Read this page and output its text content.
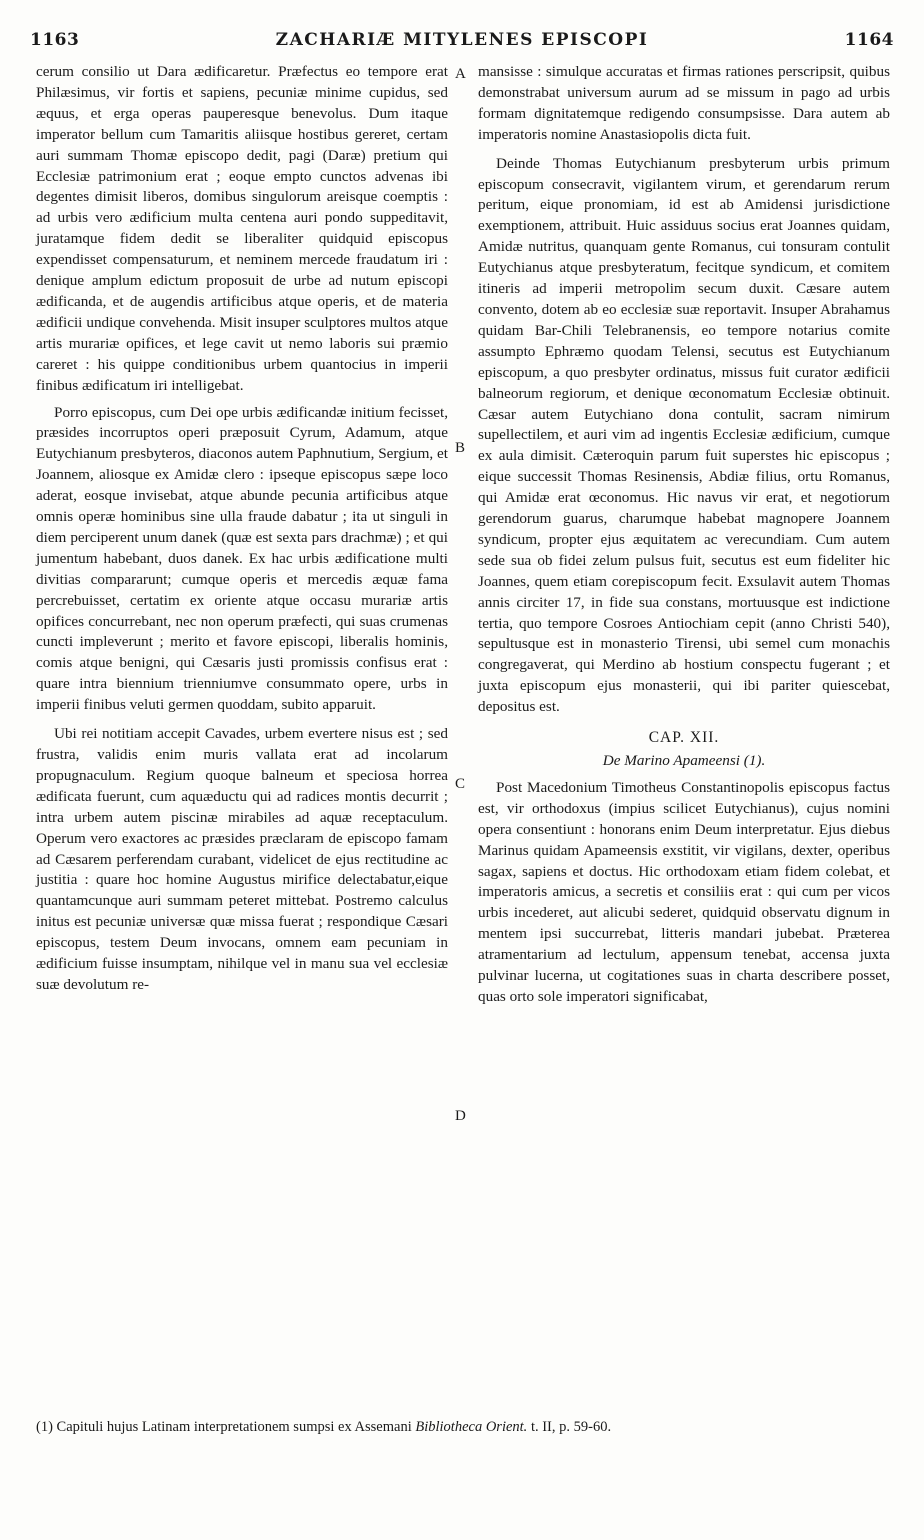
1163	ZACHARIÆ MITYLENES EPISCOPI	1164
A
B
C
D

cerum consilio ut Dara ædificaretur. Præfectus eo tempore erat Philæsimus, vir fortis et sapiens, pecuniæ minime cupidus, sed æquus, et erga operas pauperesque benevolus. Dum itaque imperator bellum cum Tamaritis aliisque hostibus gereret, certam auri summam Thomæ episcopo dedit, pagi (Daræ) pretium qui Ecclesiæ patrimonium erat ; eoque empto cunctos advenas ibi degentes dimisit liberos, domibus singulorum areisque coemptis : ad urbis vero ædificium multa centena auri pondo suppeditavit, juratamque fidem dedit se liberaliter quidquid episcopus expendisset compensaturum, et neminem mercede fraudatum iri : denique amplum edictum proposuit de urbe ad nutum episcopi ædificanda, et de augendis artificibus atque operis, et de materia ædificii undique convehenda. Misit insuper sculptores multos atque artis murariæ opifices, et lege cavit ut nemo laboris sui præmio careret : his quippe conditionibus urbem quantocius in imperii finibus ædificatum iri intelligebat.

Porro episcopus, cum Dei ope urbis ædificandæ initium fecisset, præsides incorruptos operi præposuit Cyrum, Adamum, atque Eutychianum presbyteros, diaconos autem Paphnutium, Sergium, et Joannem, aliosque ex Amidæ clero : ipseque episcopus sæpe loco aderat, eosque invisebat, atque abunde pecunia artificibus atque omnis operæ hominibus sine ulla fraude dabatur ; ita ut singuli in diem perciperent unum danek (quæ est sexta pars drachmæ) ; et qui jumentum habebant, duos danek. Ex hac urbis ædificatione multi divitias compararunt; cumque operis et mercedis æquæ fama percrebuisset, certatim ex oriente atque occasu murariæ artis opifices concurrebant, nec non operum præfecti, qui suas crumenas cuncti impleverunt ; merito et favore episcopi, liberalis hominis, comis atque benigni, qui Cæsaris justi promissis confisus erat : quare intra biennium trienniumve consummato opere, urbs in imperii finibus veluti germen quoddam, subito apparuit.

Ubi rei notitiam accepit Cavades, urbem evertere nisus est ; sed frustra, validis enim muris vallata erat ad incolarum propugnaculum. Regium quoque balneum et speciosa horrea ædificata fuerunt, cum aquæductu qui ad radices montis decurrit ; intra urbem autem piscinæ mirabiles ad aquæ receptaculum. Operum vero exactores ac præsides præclaram de episcopo famam ad Cæsarem perferendam curabant, videlicet de ejus rectitudine ac justitia : quare hoc homine Augustus mirifice delectabatur,eique quantamcunque auri summam peteret mittebat. Postremo calculus initus est pecuniæ universæ quæ missa fuerat ; respondique Cæsari episcopus, testem Deum invocans, omnem eam pecuniam in ædificium fuisse insumptam, nihilque vel in manu sua vel ecclesiæ suæ devolutum re-

mansisse : simulque accuratas et firmas rationes perscripsit, quibus demonstrabat universum aurum ad se missum in pago ad urbis formam dignitatemque redigendo consumpsisse. Dara autem ab imperatoris nomine Anastasiopolis dicta fuit.

Deinde Thomas Eutychianum presbyterum urbis primum episcopum consecravit, vigilantem virum, et gerendarum rerum peritum, eique pronomiam, id est ab Amidensi jurisdictione exemptionem, attribuit. Huic assiduus socius erat Joannes quidam, Amidæ nutritus, quanquam gente Romanus, cui tonsuram contulit Eutychianus atque presbyteratum, fecitque syndicum, et comitem itineris ad imperii metropolim secum duxit. Cæsare autem convento, dotem ab eo ecclesiæ suæ reportavit. Insuper Abrahamus quidam Bar-Chili Telebranensis, eo tempore notarius comite assumpto Ephræmo quodam Telensi, secutus est Eutychianum episcopum, a quo presbyter ordinatus, missus fuit curator ædificii balneorum regiorum, et denique œconomatum Ecclesiæ obtinuit. Cæsar autem Eutychiano dona contulit, sacram nimirum supellectilem, et auri vim ad ingentis Ecclesiæ ædificium, cumque ex aula dimisit. Cæteroquin parum fuit superstes hic episcopus ; eique successit Thomas Resinensis, Abdiæ filius, ortu Romanus, qui Amidæ erat œconomus. Hic navus vir erat, et negotiorum gerendorum guarus, charumque habebat magnopere Joannem syndicum, propter ejus æquitatem ac verecundiam. Cum autem sede sua ob fidei zelum pulsus fuit, secutus est eum fideliter hic Joannes, quem etiam corepiscopum fecit. Exsulavit autem Thomas annis circiter 17, in fide sua constans, mortuusque est indictione tertia, quo tempore Cosroes Antiochiam cepit (anno Christi 540), sepultusque est in monasterio Tirensi, ubi semel cum monachis congregaverat, qui Merdino ab hostium conspectu fugerant ; et juxta episcopum ejus monasterii, qui ibi pariter quiescebat, depositus est.

CAP. XII.
De Marino Apameensi (1).

Post Macedonium Timotheus Constantinopolis episcopus factus est, vir orthodoxus (impius scilicet Eutychianus), cujus nomini opera consentiunt : honorans enim Deum interpretatur. Ejus diebus Marinus quidam Apameensis exstitit, vir vigilans, dexter, operibus sagax, sapiens et doctus. Hic orthodoxam etiam fidem colebat, et imperatoris amicus, a secretis et consiliis erat : qui cum per vicos urbis incederet, aut alicubi sederet, quidquid observatu dignum in mentem ipsi succurrebat, litteris mandari jubebat. Præterea atramentarium ad lectulum, appensum tenebat, accensa juxta pulvinar lucerna, ut cogitationes suas in charta describere posset, quas orto sole imperatori significabat,

(1) Capituli hujus Latinam interpretationem sumpsi ex Assemani Bibliotheca Orient. t. II, p. 59-60.
